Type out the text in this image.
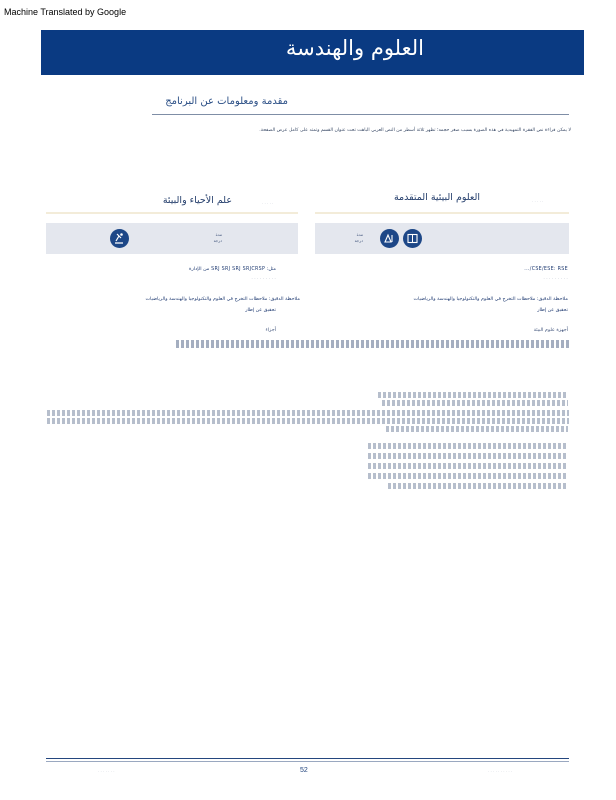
Machine Translated by Google
العلوم والهندسة
مقدمة ومعلومات عن البرنامج
لا يمكن قراءة نص الفقرة التمهيدية في هذه الصورة بسبب صغر حجمه؛ تظهر ثلاثة أسطر من النص العربي الباهت تحت عنوان القسم وتمتد على كامل عرض الصفحة.
العلوم البيئية المتقدمة	· · · · ·
علم الأحياء والبيئة	· · · · ·
مدة
درجة
مدة
درجة
CSE/ESE: RSE/...
· · · · · · · · ·
ملاحظة الدقيق: ملاحظات التخرج في العلوم والتكنولوجيا والهندسة والرياضيات
تحقيق عن إطار
مثل: SRJ SRJ SRJ SRJCRSP من الإدارة
· · · · · · · · ·
ملاحظة الدقيق: ملاحظات التخرج في العلوم والتكنولوجيا والهندسة والرياضيات
تحقيق عن إطار
أجهزة علوم البيئة
أجزاء
· · · · · · ·	52	· · · · · · · · · ·
